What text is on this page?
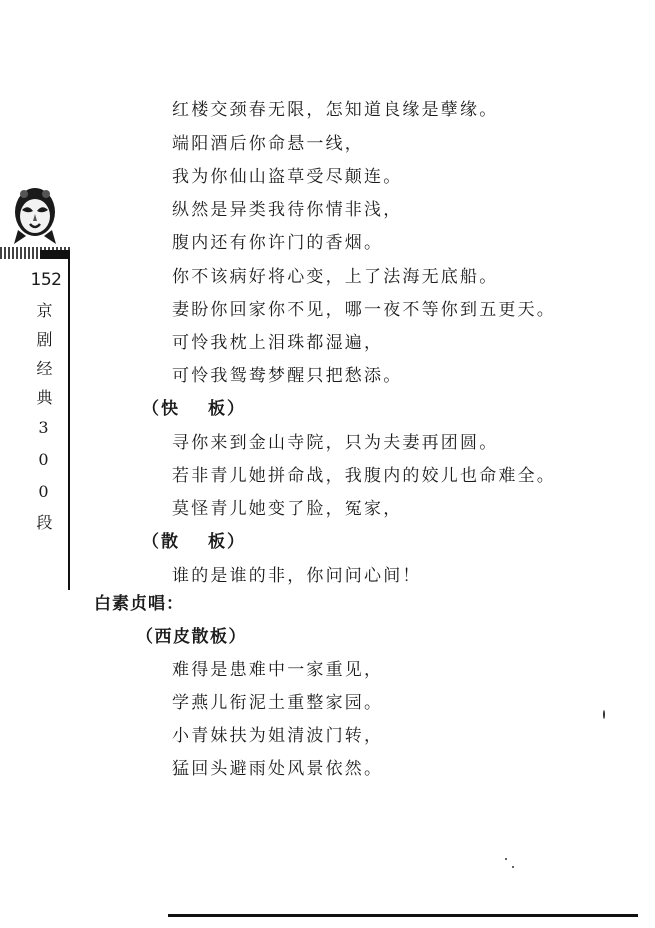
152
京剧经典300段
红楼交颈春无限，怎知道良缘是孽缘。
端阳酒后你命悬一线，
我为你仙山盗草受尽颠连。
纵然是异类我待你情非浅，
腹内还有你许门的香烟。
你不该病好将心变，上了法海无底船。
妻盼你回家你不见，哪一夜不等你到五更天。
可怜我枕上泪珠都湿遍，
可怜我鸳鸯梦醒只把愁添。
（快 板）
寻你来到金山寺院，只为夫妻再团圆。
若非青儿她拼命战，我腹内的姣儿也命难全。
莫怪青儿她变了脸，冤家，
（散 板）
谁的是谁的非，你问问心间！
白素贞唱：
（西皮散板）
难得是患难中一家重见，
学燕儿衔泥土重整家园。
小青妹扶为姐清波门转，
猛回头避雨处风景依然。
